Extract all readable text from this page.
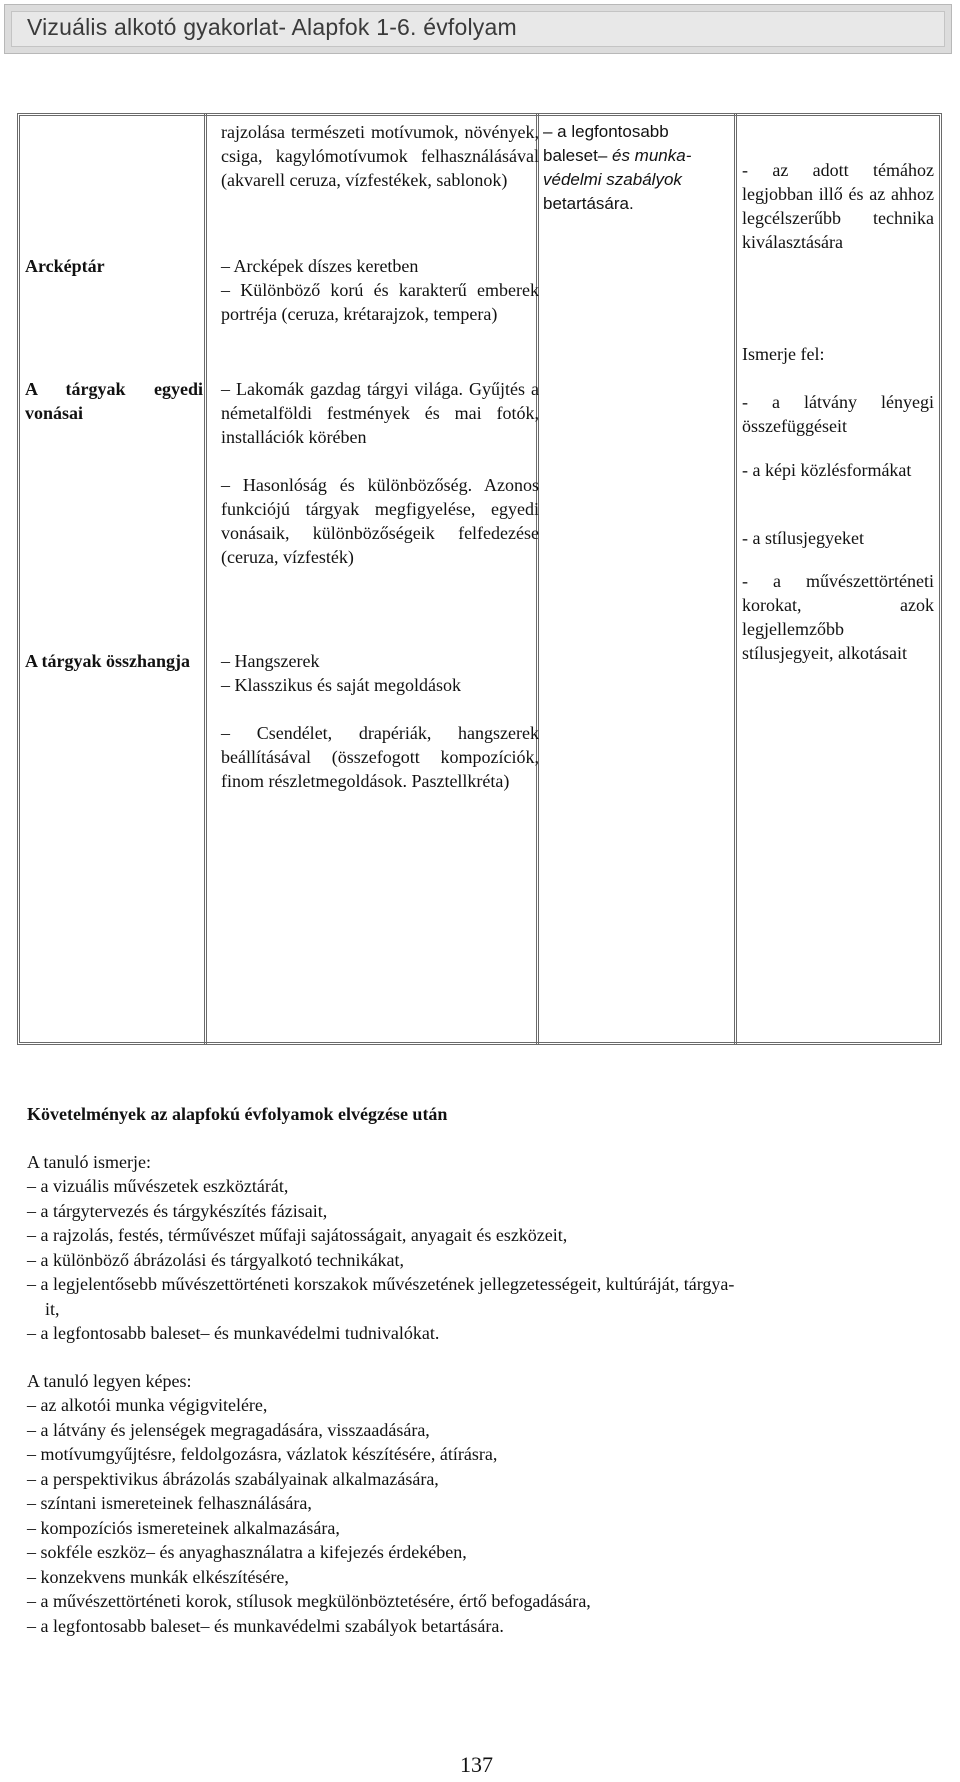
Vizuális alkotó gyakorlat- Alapfok 1-6. évfolyam
Arcképtár
A tárgyak egyedi vonásai
A tárgyak összhangja
rajzolása természeti motívumok, növények, csiga, kagylómotívumok felhasználásával (akvarell ceruza, vízfestékek, sablonok)
– Arcképek díszes keretben
– Különböző korú és karakterű emberek portréja (ceruza, krétarajzok, tempera)
– Lakomák gazdag tárgyi világa. Gyűjtés a németalföldi festmények és mai fotók, installációk körében
– Hasonlóság és különbözőség. Azonos funkciójú tárgyak megfigyelése, egyedi vonásaik, különbözőségeik felfedezése (ceruza, vízfesték)
– Hangszerek
– Klasszikus és saját megoldások
– Csendélet, drapériák, hangszerek beállításával (összefogott kompozíciók, finom részletmegoldások. Pasztellkréta)
– a legfontosabb
baleset– és munka-
védelmi szabályok
betartására.
- az adott témához legjobban illő és az ahhoz legcélszerűbb technika kiválasztására
Ismerje fel:
- a látvány lényegi összefüggéseit
- a képi közlésformákat
- a stílusjegyeket
- a művészettörténeti korokat, azok legjellemzőbb stílusjegyeit, alkotásait

Követelmények az alapfokú évfolyamok elvégzése után

A tanuló ismerje:

– a vizuális művészetek eszköztárát,

– a tárgytervezés és tárgykészítés fázisait,

– a rajzolás, festés, térművészet műfaji sajátosságait, anyagait és eszközeit,

– a különböző ábrázolási és tárgyalkotó technikákat,

– a legjelentősebb művészettörténeti korszakok művészetének jellegzetességeit, kultúráját, tárgya-

it,

– a legfontosabb baleset– és munkavédelmi tudnivalókat.

A tanuló legyen képes:

– az alkotói munka végigvitelére,

– a látvány és jelenségek megragadására, visszaadására,

– motívumgyűjtésre, feldolgozásra, vázlatok készítésére, átírásra,

– a perspektivikus ábrázolás szabályainak alkalmazására,

– színtani ismereteinek felhasználására,

– kompozíciós ismereteinek alkalmazására,

– sokféle eszköz– és anyaghasználatra a kifejezés érdekében,

– konzekvens munkák elkészítésére,

– a művészettörténeti korok, stílusok megkülönböztetésére, értő befogadására,

– a legfontosabb baleset– és munkavédelmi szabályok betartására.

137
